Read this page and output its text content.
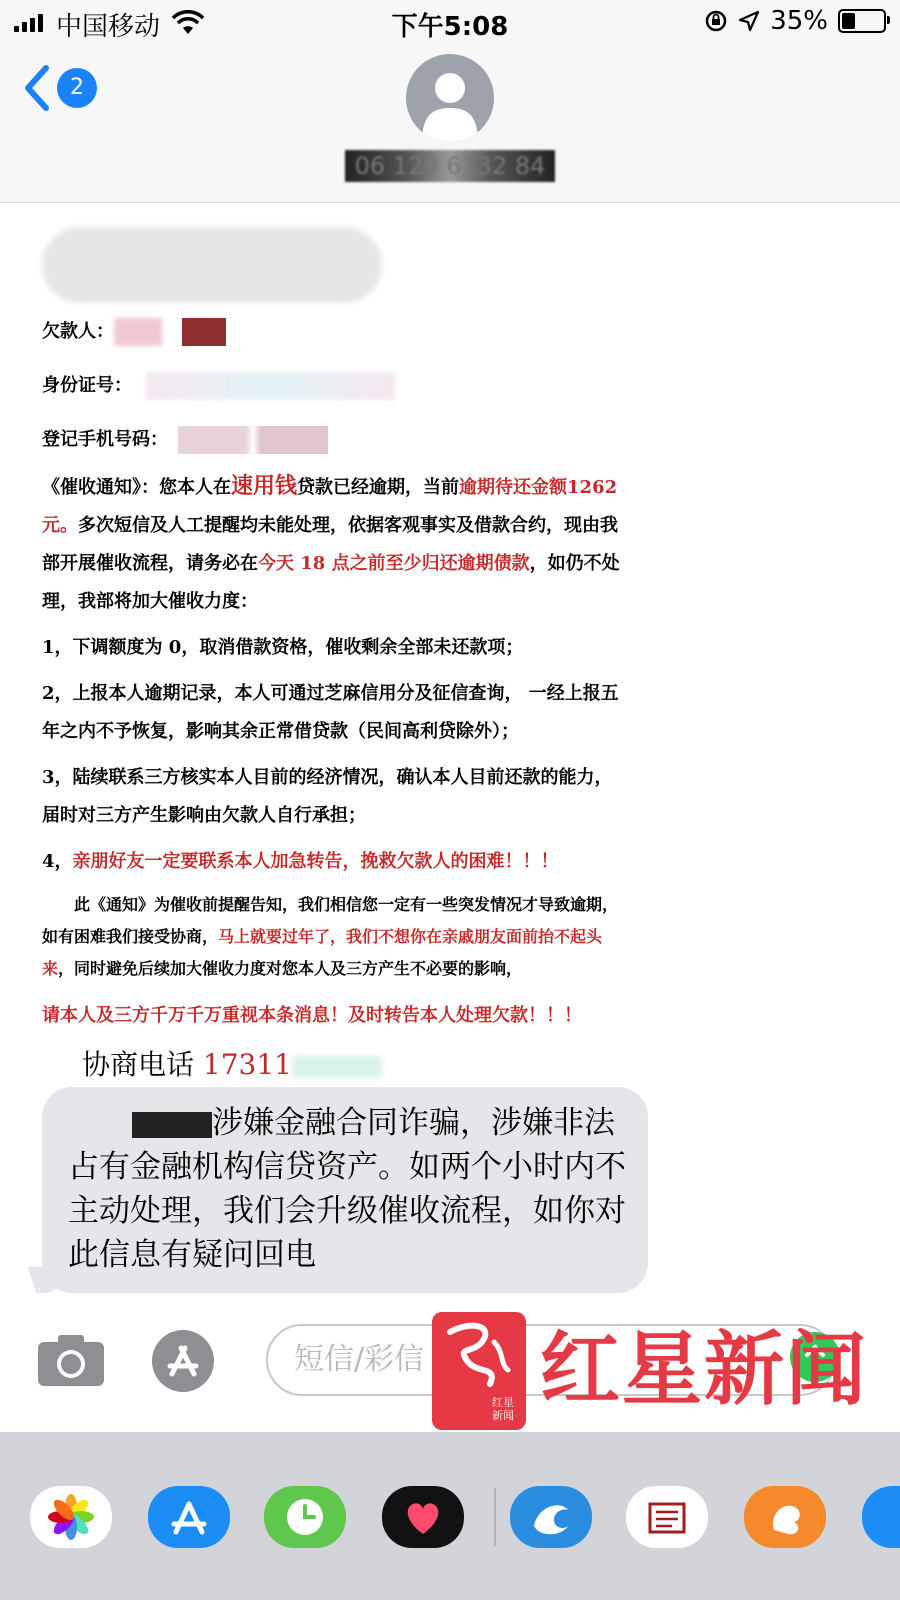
中国移动	下午5:08	35%
2
06 129 6132 84
欠款人：
身份证号：
登记手机号码：

《催收通知》：您本人在速用钱贷款已经逾期，当前逾期待还金额1262元。多次短信及人工提醒均未能处理，依据客观事实及借款合约，现由我部开展催收流程，请务必在今天 18 点之前至少归还逾期债款，如仍不处理，我部将加大催收力度：

1，下调额度为 0，取消借款资格，催收剩余全部未还款项；

2，上报本人逾期记录，本人可通过芝麻信用分及征信查询， 一经上报五年之内不予恢复，影响其余正常借贷款（民间高利贷除外）；

3，陆续联系三方核实本人目前的经济情况，确认本人目前还款的能力，届时对三方产生影响由欠款人自行承担；

4，亲朋好友一定要联系本人加急转告，挽救欠款人的困难！！！

此《通知》为催收前提醒告知，我们相信您一定有一些突发情况才导致逾期，如有困难我们接受协商，马上就要过年了，我们不想你在亲戚朋友面前抬不起头来，同时避免后续加大催收力度对您本人及三方产生不必要的影响，

请本人及三方千万千万重视本条消息！及时转告本人处理欠款！！！

协商电话 17311
涉嫌金融合同诈骗，涉嫌非法占有金融机构信贷资产。如两个小时内不主动处理，我们会升级催收流程，如你对此信息有疑问回电
短信/彩信
红星新闻 红星新闻
